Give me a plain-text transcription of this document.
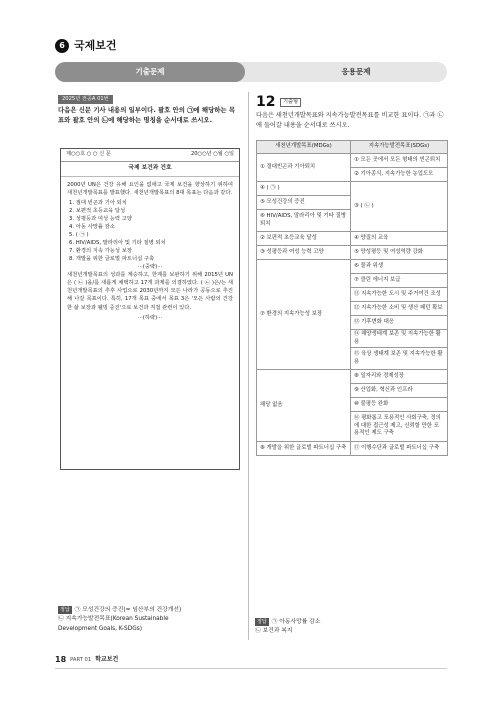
6 국제보건
기출문제	응용문제
2025년 전공A 01번
다음은 신문 기사 내용의 일부이다. 괄호 안의 ㉠에 해당하는 목표와 괄호 안의 ㉡에 해당하는 명칭을 순서대로 쓰시오.
제○○호 ○ ○ 신 문	20○○년 ○월 ○일
국제 보건과 건호
2000년 UN은 건강 유해 요인을 없애고 국제 보건을 향상하기 위하여 새천년개발목표를 발표했다. 새천년개발목표의 8대 목표는 다음과 같다.
1. 절대 빈곤과 기아 퇴치
2. 보편적 초등교육 달성
3. 성평등과 여성 능력 고양
4. 아동 사망률 감소
5. ( ㉠ )
6. HIV/AIDS, 말라리아 및 기타 질병 퇴치
7. 환경의 지속 가능성 보장
8. 개발을 위한 글로벌 파트너십 구축
···(중략)···
새천년개발목표의 성과를 계승하고, 한계를 보완하기 위해 2015년 UN은 ( ㉡ )을/를 새롭게 채택하고 17개 과제를 의결하였다. ( ㉡ )은/는 새천년개발목표의 추후 사업으로 2030년까지 모든 나라가 공동으로 추진해 나갈 목표이다. 특히, 17개 목표 중에서 목표 3은 '모든 사람의 건강한 삶 보장과 웰빙 증진'으로 보건과 직접 관련이 있다.
···(하략)···
정답 ㉠ 모성건강의 증진(= 임산부의 건강개선)
㉡ 지속가능발전목표(Korean Sustainable
Development Goals, K-SDGs)
12	기출형
다음은 새천년개발목표와 지속가능발전목표를 비교한 표이다. ㉠과 ㉡에 들어갈 내용을 순서대로 쓰시오.
새천년개발목표(MDGs)	지속가능발전목표(SDGs)
① 절대빈곤과 기아퇴치	① 모든 곳에서 모든 형태의 빈곤퇴치
	② 기아종식, 지속가능한 농업도모
④ ( ㉠ )	③ ( ㉡ )
⑤ 모성건강의 증진	
⑥ HIV/AIDS, 말라리아 및 기타 질병 퇴치	
② 보편적 초등교육 달성	④ 양질의 교육
③ 성평등과 여성 능력 고양	⑤ 양성평등 및 여성역량 강화
⑦ 환경의 지속가능성 보장	⑥ 물과 위생
	⑦ 클린 에너지 보급
	⑪ 지속가능한 도시 및 주거여건 조성
	⑫ 지속가능한 소비 및 생산 패턴 확보
	⑬ 기후변화 대응
	⑭ 해양생태계 보존 및 지속가능한 활용
	⑮ 육상 생태계 보존 및 지속가능한 활용
해당 없음	⑧ 일자리와 경제성장
	⑨ 산업화, 혁신과 인프라
	⑩ 불평등 완화
	⑯ 평화롭고 포용적인 사회구축, 정의에 대한 접근성 제고, 신뢰할 만한 포용적인 제도 구축
⑧ 개발을 위한 글로벌 파트너십 구축	⑰ 이행수단과 글로벌 파트너십 구축
정답 ㉠ 아동사망률 감소
㉡ 보건과 복지
18 PART 01 학교보건
